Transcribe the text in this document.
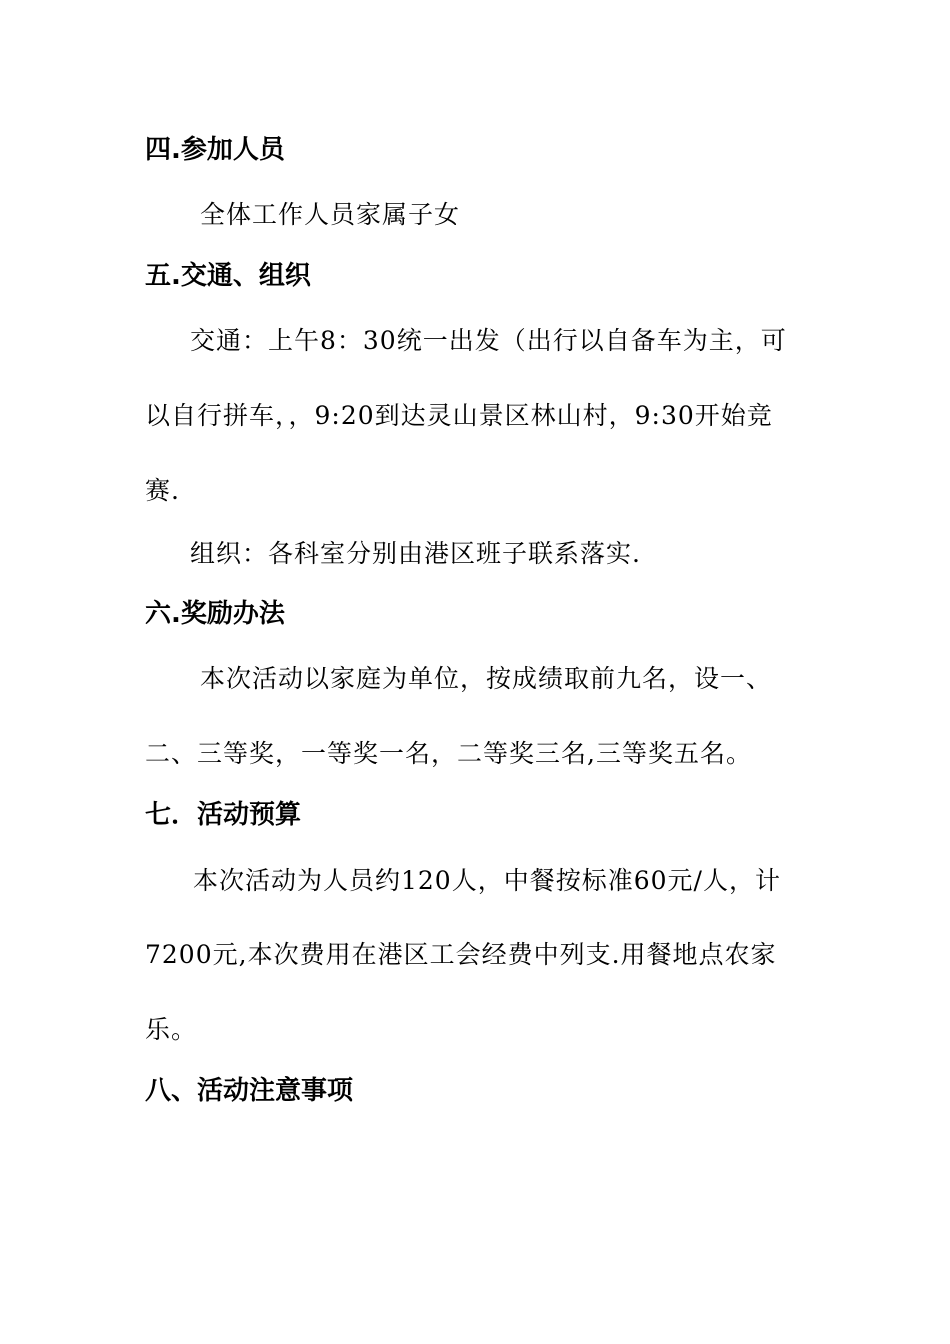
四.参加人员
全体工作人员家属子女
五.交通、组织
交通：上午8：30统一出发（出行以自备车为主，可
以自行拼车，，9:20到达灵山景区林山村，9:30开始竞
赛.
组织：各科室分别由港区班子联系落实.
六.奖励办法
本次活动以家庭为单位，按成绩取前九名，设一、
二、三等奖，一等奖一名，二等奖三名,三等奖五名。
七．活动预算
本次活动为人员约120人，中餐按标准60元/人，计
7200元,本次费用在港区工会经费中列支.用餐地点农家
乐。
八、活动注意事项
